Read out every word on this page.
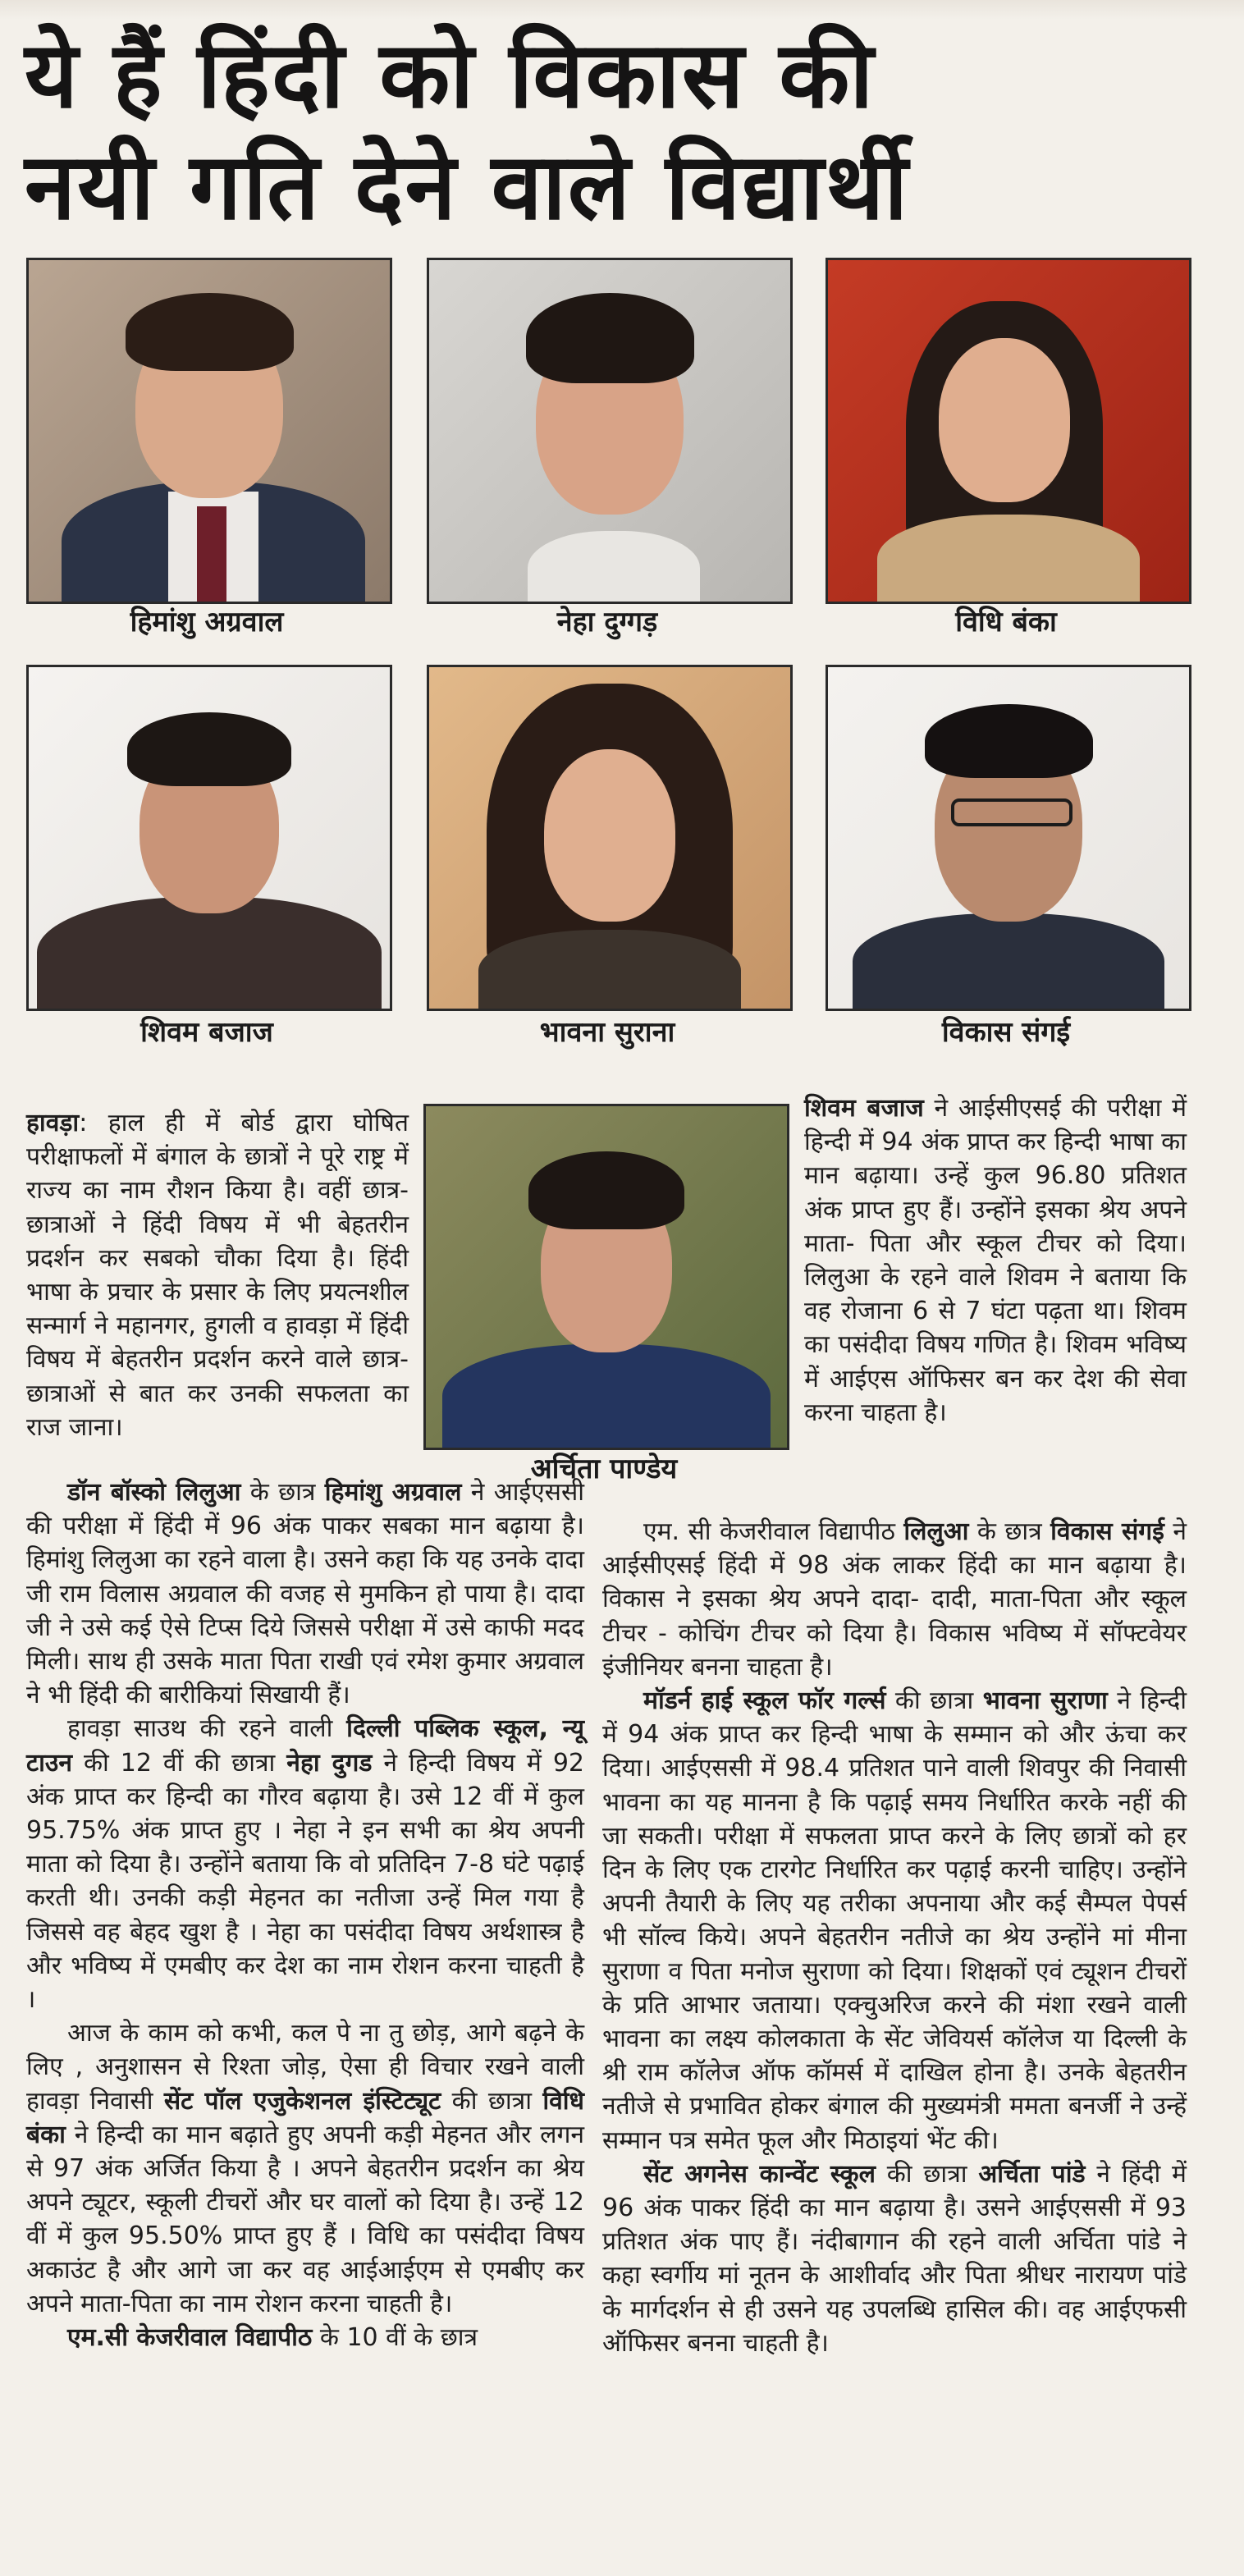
ये हैं हिंदी को विकास की
नयी गति देने वाले विद्यार्थी
हिमांशु अग्रवाल	नेहा दुग्गड़	विधि बंका
शिवम बजाज	भावना सुराना	विकास संगई
अर्चिता पाण्डेय

हावड़ा: हाल ही में बोर्ड द्वारा घोषित परीक्षाफलों में बंगाल के छात्रों ने पूरे राष्ट्र में राज्य का नाम रौशन किया है। वहीं छात्र-छात्राओं ने हिंदी विषय में भी बेहतरीन प्रदर्शन कर सबको चौका दिया है। हिंदी भाषा के प्रचार के प्रसार के लिए प्रयत्नशील सन्मार्ग ने महानगर, हुगली व हावड़ा में हिंदी विषय में बेहतरीन प्रदर्शन करने वाले छात्र-छात्राओं से बात कर उनकी सफलता का राज जाना।

डॉन बॉस्को लिलुआ के छात्र हिमांशु अग्रवाल ने आईएससी की परीक्षा में हिंदी में 96 अंक पाकर सबका मान बढ़ाया है। हिमांशु लिलुआ का रहने वाला है। उसने कहा कि यह उनके दादा जी राम विलास अग्रवाल की वजह से मुमकिन हो पाया है। दादा जी ने उसे कई ऐसे टिप्स दिये जिससे परीक्षा में उसे काफी मदद मिली। साथ ही उसके माता पिता राखी एवं रमेश कुमार अग्रवाल ने भी हिंदी की बारीकियां सिखायी हैं।

हावड़ा साउथ की रहने वाली दिल्ली पब्लिक स्कूल, न्यू टाउन की 12 वीं की छात्रा नेहा दुगड ने हिन्दी विषय में 92 अंक प्राप्त कर हिन्दी का गौरव बढ़ाया है। उसे 12 वीं में कुल 95.75% अंक प्राप्त हुए । नेहा ने इन सभी का श्रेय अपनी माता को दिया है। उन्होंने बताया कि वो प्रतिदिन 7-8 घंटे पढ़ाई करती थी। उनकी कड़ी मेहनत का नतीजा उन्हें मिल गया है जिससे वह बेहद खुश है । नेहा का पसंदीदा विषय अर्थशास्त्र है और भविष्य में एमबीए कर देश का नाम रोशन करना चाहती है ।

आज के काम को कभी, कल पे ना तु छोड़, आगे बढ़ने के लिए , अनुशासन से रिश्ता जोड़, ऐसा ही विचार रखने वाली हावड़ा निवासी सेंट पॉल एजुकेशनल इंस्टिट्यूट की छात्रा विधि बंका ने हिन्दी का मान बढ़ाते हुए अपनी कड़ी मेहनत और लगन से 97 अंक अर्जित किया है । अपने बेहतरीन प्रदर्शन का श्रेय अपने ट्यूटर, स्कूली टीचरों और घर वालों को दिया है। उन्हें 12 वीं में कुल 95.50% प्राप्त हुए हैं । विधि का पसंदीदा विषय अकाउंट है और आगे जा कर वह आईआईएम से एमबीए कर अपने माता-पिता का नाम रोशन करना चाहती है।

एम.सी केजरीवाल विद्यापीठ के 10 वीं के छात्र

शिवम बजाज ने आईसीएसई की परीक्षा में हिन्दी में 94 अंक प्राप्त कर हिन्दी भाषा का मान बढ़ाया। उन्हें कुल 96.80 प्रतिशत अंक प्राप्त हुए हैं। उन्होंने इसका श्रेय अपने माता- पिता और स्कूल टीचर को दिया। लिलुआ के रहने वाले शिवम ने बताया कि वह रोजाना 6 से 7 घंटा पढ़ता था। शिवम का पसंदीदा विषय गणित है। शिवम भविष्य में आईएस ऑफिसर बन कर देश की सेवा करना चाहता है।

एम. सी केजरीवाल विद्यापीठ लिलुआ के छात्र विकास संगई ने आईसीएसई हिंदी में 98 अंक लाकर हिंदी का मान बढ़ाया है। विकास ने इसका श्रेय अपने दादा- दादी, माता-पिता और स्कूल टीचर - कोचिंग टीचर को दिया है। विकास भविष्य में सॉफ्टवेयर इंजीनियर बनना चाहता है।

मॉडर्न हाई स्कूल फॉर गर्ल्स की छात्रा भावना सुराणा ने हिन्दी में 94 अंक प्राप्त कर हिन्दी भाषा के सम्मान को और ऊंचा कर दिया। आईएससी में 98.4 प्रतिशत पाने वाली शिवपुर की निवासी भावना का यह मानना है कि पढ़ाई समय निर्धारित करके नहीं की जा सकती। परीक्षा में सफलता प्राप्त करने के लिए छात्रों को हर दिन के लिए एक टारगेट निर्धारित कर पढ़ाई करनी चाहिए। उन्होंने अपनी तैयारी के लिए यह तरीका अपनाया और कई सैम्पल पेपर्स भी सॉल्व किये। अपने बेहतरीन नतीजे का श्रेय उन्होंने मां मीना सुराणा व पिता मनोज सुराणा को दिया। शिक्षकों एवं ट्यूशन टीचरों के प्रति आभार जताया। एक्चुअरिज करने की मंशा रखने वाली भावना का लक्ष्य कोलकाता के सेंट जेवियर्स कॉलेज या दिल्ली के श्री राम कॉलेज ऑफ कॉमर्स में दाखिल होना है। उनके बेहतरीन नतीजे से प्रभावित होकर बंगाल की मुख्यमंत्री ममता बनर्जी ने उन्हें सम्मान पत्र समेत फूल और मिठाइयां भेंट की।

सेंट अगनेस कान्वेंट स्कूल की छात्रा अर्चिता पांडे ने हिंदी में 96 अंक पाकर हिंदी का मान बढ़ाया है। उसने आईएससी में 93 प्रतिशत अंक पाए हैं। नंदीबागान की रहने वाली अर्चिता पांडे ने कहा स्वर्गीय मां नूतन के आशीर्वाद और पिता श्रीधर नारायण पांडे के मार्गदर्शन से ही उसने यह उपलब्धि हासिल की। वह आईएफसी ऑफिसर बनना चाहती है।
